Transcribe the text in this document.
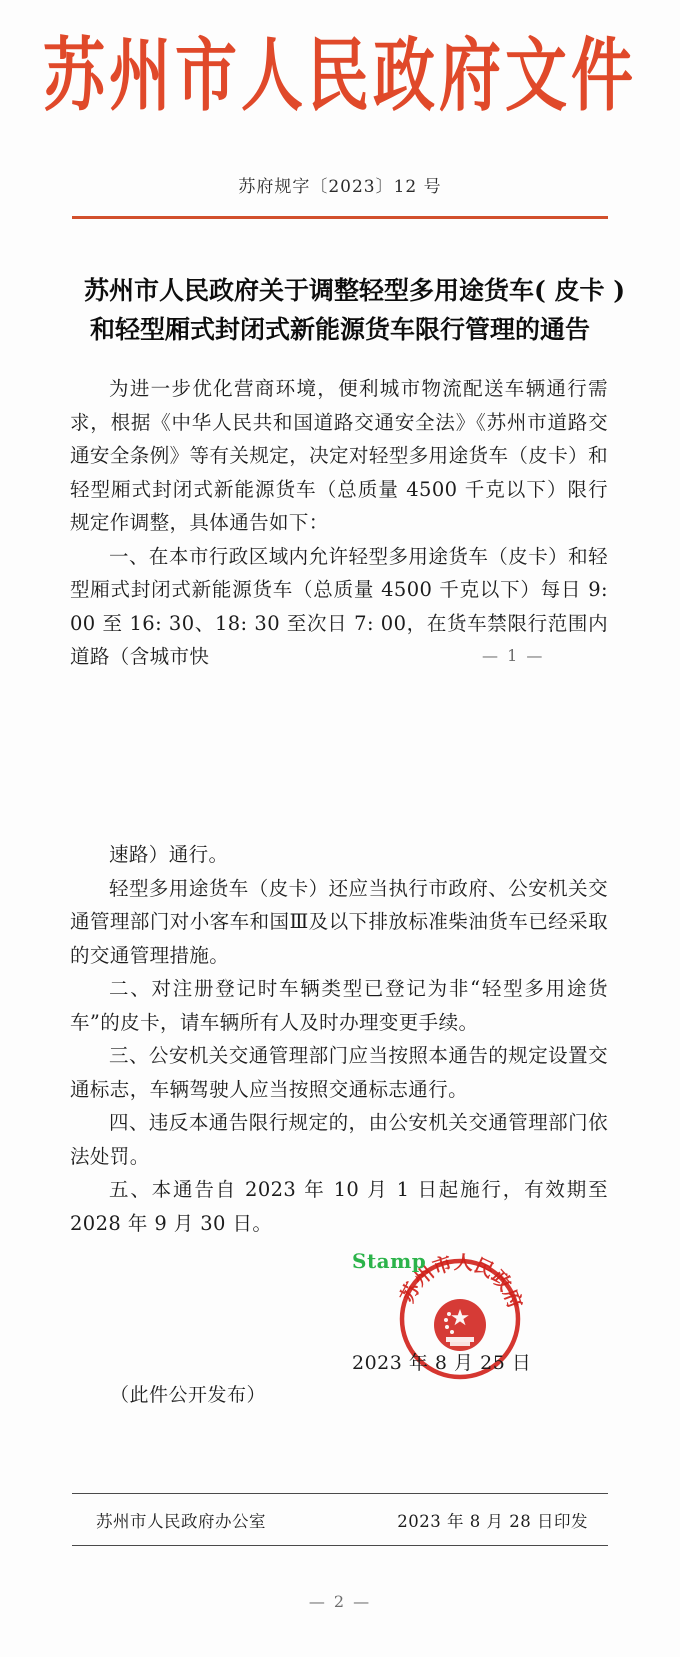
苏州市人民政府文件
苏府规字〔2023〕12 号
苏州市人民政府关于调整轻型多用途货车( 皮卡 )
和轻型厢式封闭式新能源货车限行管理的通告

为进一步优化营商环境，便利城市物流配送车辆通行需求，根据《中华人民共和国道路交通安全法》《苏州市道路交通安全条例》等有关规定，决定对轻型多用途货车（皮卡）和轻型厢式封闭式新能源货车（总质量 4500 千克以下）限行规定作调整，具体通告如下：

一、在本市行政区域内允许轻型多用途货车（皮卡）和轻型厢式封闭式新能源货车（总质量 4500 千克以下）每日 9: 00 至 16: 30、18: 30 至次日 7: 00，在货车禁限行范围内道路（含城市快	— 1 —

速路）通行。

轻型多用途货车（皮卡）还应当执行市政府、公安机关交通管理部门对小客车和国Ⅲ及以下排放标准柴油货车已经采取的交通管理措施。

二、对注册登记时车辆类型已登记为非“轻型多用途货车”的皮卡，请车辆所有人及时办理变更手续。

三、公安机关交通管理部门应当按照本通告的规定设置交通标志，车辆驾驶人应当按照交通标志通行。

四、违反本通告限行规定的，由公安机关交通管理部门依法处罚。

五、本通告自 2023 年 10 月 1 日起施行，有效期至 2028 年 9 月 30 日。

Stamp
苏州市人民政府
2023 年 8 月 25 日
（此件公开发布）
苏州市人民政府办公室	2023 年 8 月 28 日印发
— 2 —
